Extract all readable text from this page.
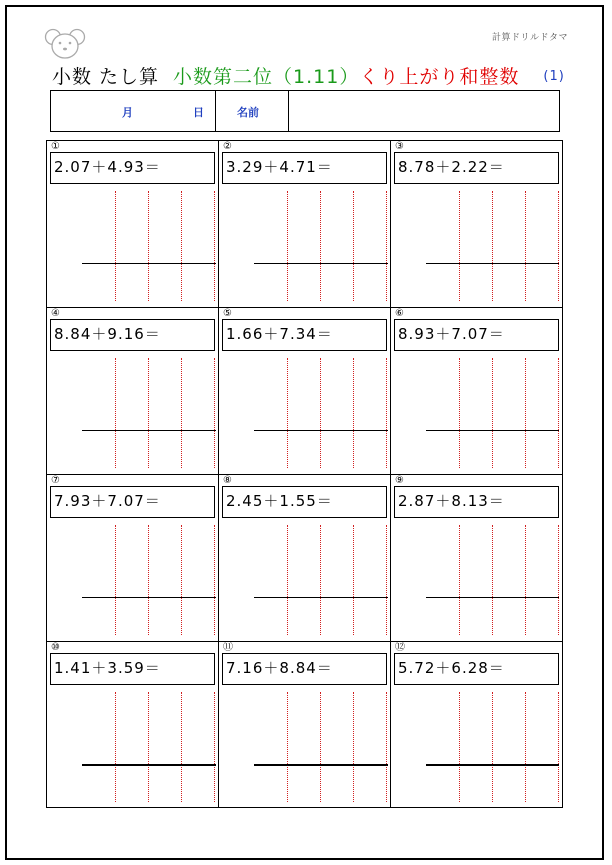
計算ドリルドタマ
小数 たし算 小数第二位（1.11）くり上がり和整数 (1)
月	日	名前
①
2.07＋4.93＝
②
3.29＋4.71＝
③
8.78＋2.22＝
④
8.84＋9.16＝
⑤
1.66＋7.34＝
⑥
8.93＋7.07＝
⑦
7.93＋7.07＝
⑧
2.45＋1.55＝
⑨
2.87＋8.13＝
⑩
1.41＋3.59＝
⑪
7.16＋8.84＝
⑫
5.72＋6.28＝
